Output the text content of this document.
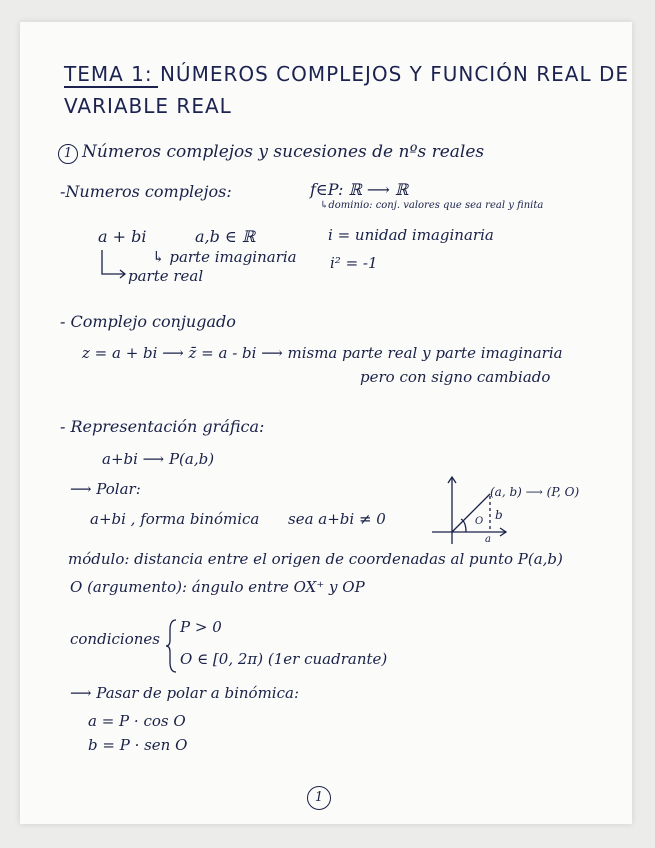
TEMA 1: NÚMEROS COMPLEJOS Y FUNCIÓN REAL DE
VARIABLE REAL
1 Números complejos y sucesiones de nºs reales
-Numeros complejos:	f∈P: ℝ ⟶ ℝ
↳dominio: conj. valores que sea real y finita
a + bi	a,b ∈ ℝ
↳ parte imaginaria
parte real
i = unidad imaginaria
i² = -1
- Complejo conjugado
z = a + bi ⟶ z̄ = a - bi ⟶ misma parte real y parte imaginaria
pero con signo cambiado
- Representación gráfica:
a+bi ⟶ P(a,b)
⟶ Polar:
a+bi , forma binómica sea a+bi ≠ 0
(a, b) ⟶ (P, O)
b
O
a
módulo: distancia entre el origen de coordenadas al punto P(a,b)
O (argumento): ángulo entre OX⁺ y OP
condiciones
P > 0
O ∈ [0, 2π) (1er cuadrante)
⟶ Pasar de polar a binómica:
a = P · cos O
b = P · sen O
1
